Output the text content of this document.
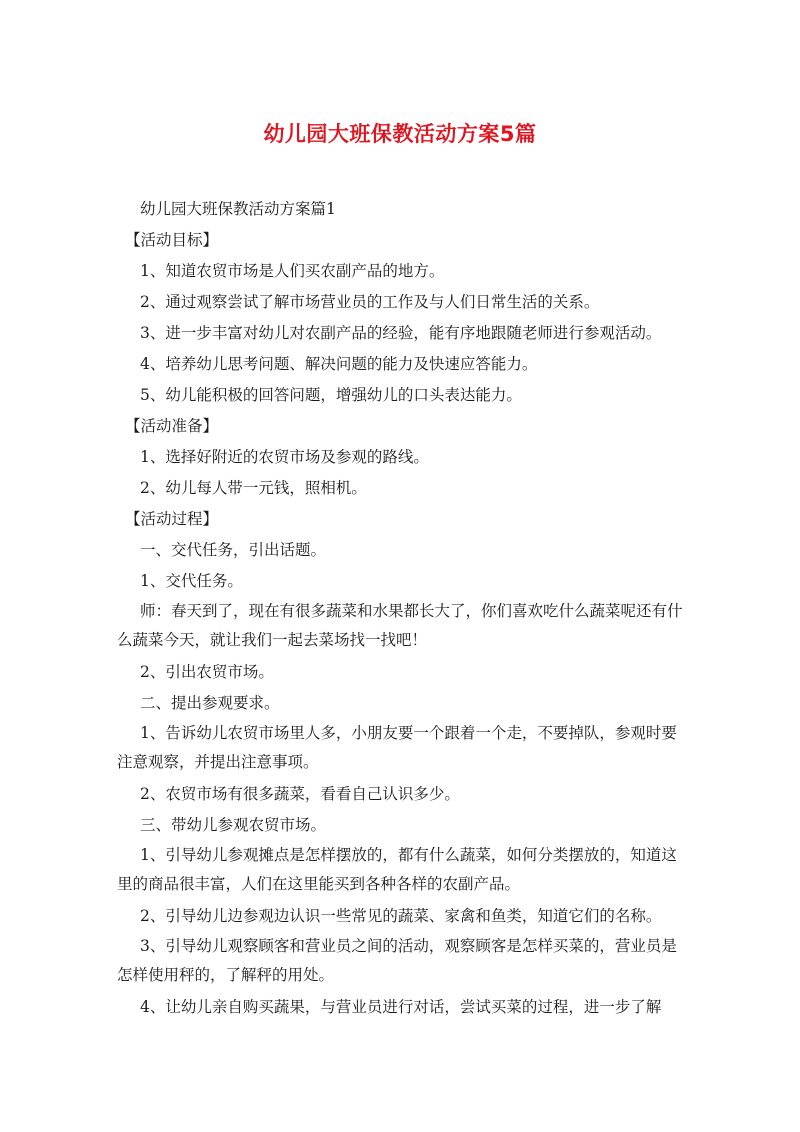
幼儿园大班保教活动方案5篇

幼儿园大班保教活动方案篇1

【活动目标】

1、知道农贸市场是人们买农副产品的地方。

2、通过观察尝试了解市场营业员的工作及与人们日常生活的关系。

3、进一步丰富对幼儿对农副产品的经验，能有序地跟随老师进行参观活动。

4、培养幼儿思考问题、解决问题的能力及快速应答能力。

5、幼儿能积极的回答问题，增强幼儿的口头表达能力。

【活动准备】

1、选择好附近的农贸市场及参观的路线。

2、幼儿每人带一元钱，照相机。

【活动过程】

一、交代任务，引出话题。

1、交代任务。

师：春天到了，现在有很多蔬菜和水果都长大了，你们喜欢吃什么蔬菜呢还有什么蔬菜今天，就让我们一起去菜场找一找吧！

2、引出农贸市场。

二、提出参观要求。

1、告诉幼儿农贸市场里人多，小朋友要一个跟着一个走，不要掉队，参观时要注意观察，并提出注意事项。

2、农贸市场有很多蔬菜，看看自己认识多少。

三、带幼儿参观农贸市场。

1、引导幼儿参观摊点是怎样摆放的，都有什么蔬菜，如何分类摆放的，知道这里的商品很丰富，人们在这里能买到各种各样的农副产品。

2、引导幼儿边参观边认识一些常见的蔬菜、家禽和鱼类，知道它们的名称。

3、引导幼儿观察顾客和营业员之间的活动，观察顾客是怎样买菜的，营业员是怎样使用秤的，了解秤的用处。

4、让幼儿亲自购买蔬果，与营业员进行对话，尝试买菜的过程，进一步了解
